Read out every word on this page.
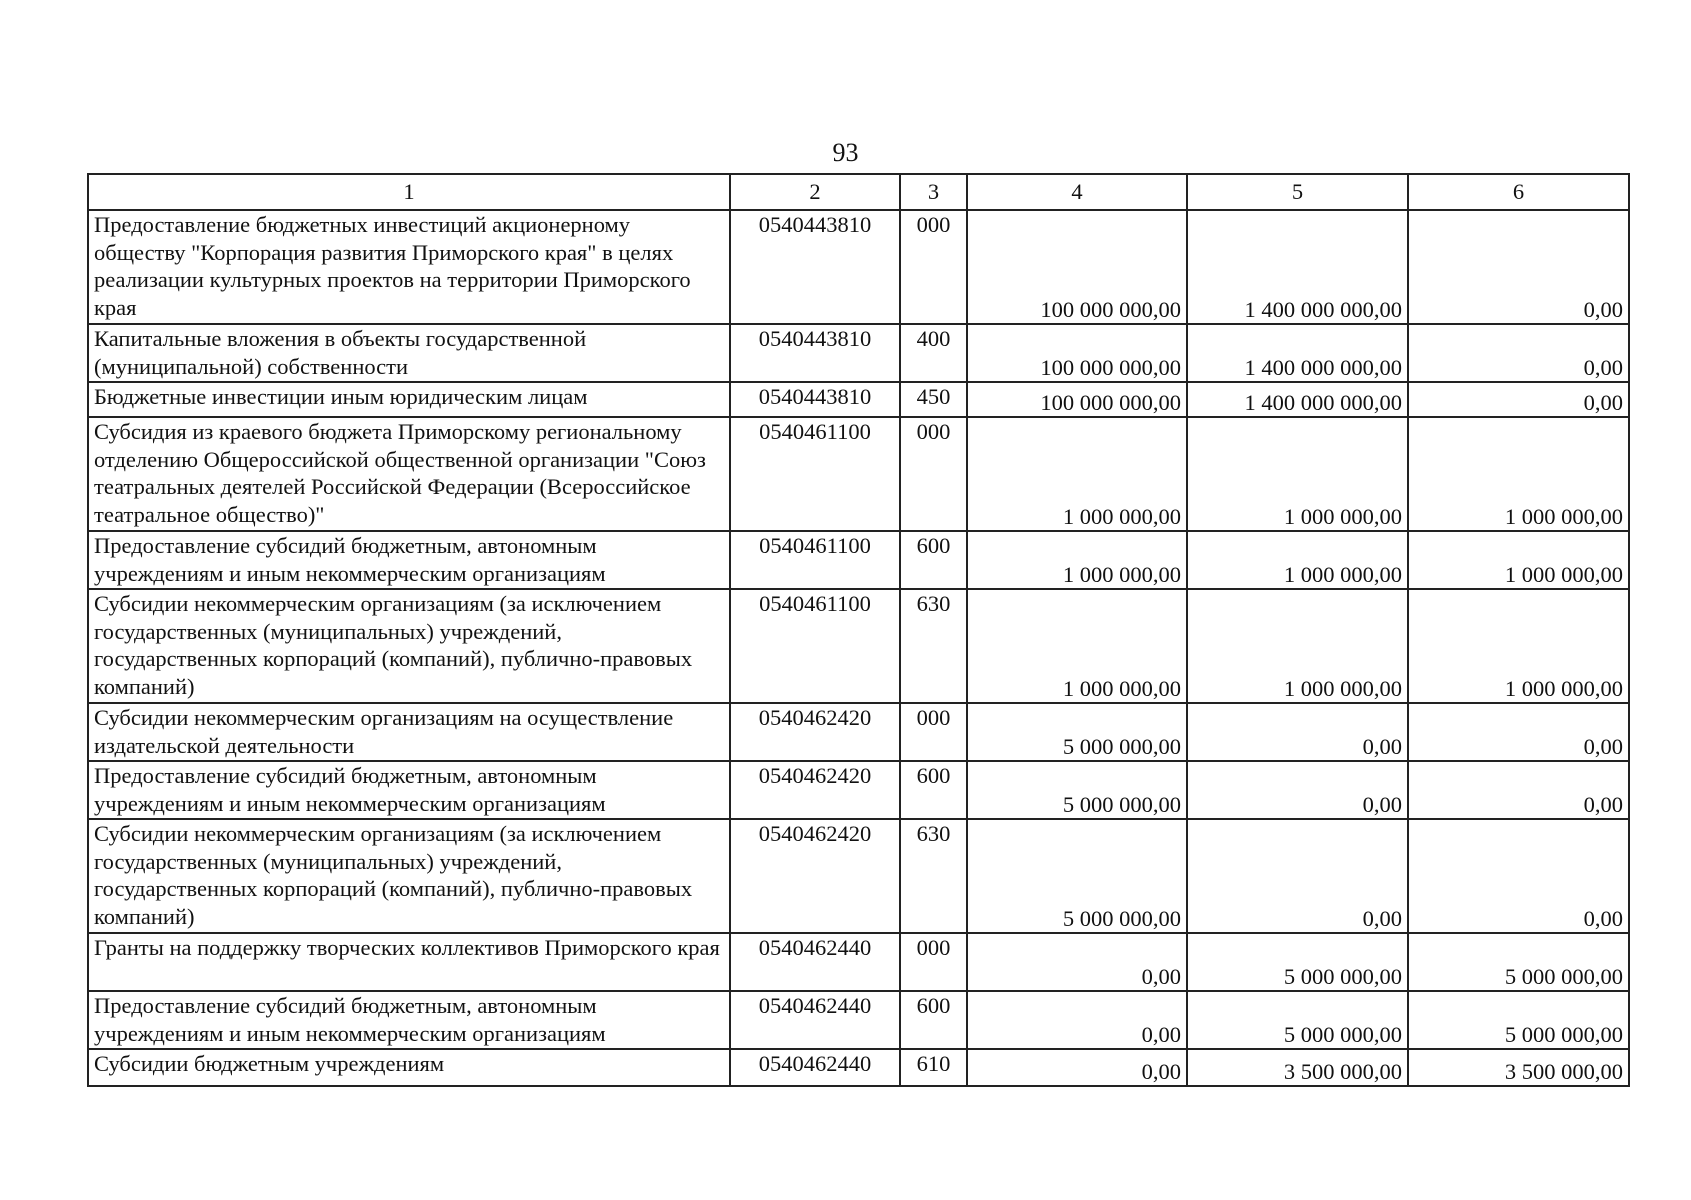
93
1	2	3	4	5	6
Предоставление бюджетных инвестиций акционерному обществу "Корпорация развития Приморского края" в целях реализации культурных проектов на территории Приморского края	0540443810	000	100 000 000,00	1 400 000 000,00	0,00
Капитальные вложения в объекты государственной (муниципальной) собственности	0540443810	400	100 000 000,00	1 400 000 000,00	0,00
Бюджетные инвестиции иным юридическим лицам	0540443810	450	100 000 000,00	1 400 000 000,00	0,00
Субсидия из краевого бюджета Приморскому региональному отделению Общероссийской общественной организации "Союз театральных деятелей Российской Федерации (Всероссийское театральное общество)"	0540461100	000	1 000 000,00	1 000 000,00	1 000 000,00
Предоставление субсидий бюджетным, автономным учреждениям и иным некоммерческим организациям	0540461100	600	1 000 000,00	1 000 000,00	1 000 000,00
Субсидии некоммерческим организациям (за исключением государственных (муниципальных) учреждений, государственных корпораций (компаний), публично-правовых компаний)	0540461100	630	1 000 000,00	1 000 000,00	1 000 000,00
Субсидии некоммерческим организациям на осуществление издательской деятельности	0540462420	000	5 000 000,00	0,00	0,00
Предоставление субсидий бюджетным, автономным учреждениям и иным некоммерческим организациям	0540462420	600	5 000 000,00	0,00	0,00
Субсидии некоммерческим организациям (за исключением государственных (муниципальных) учреждений, государственных корпораций (компаний), публично-правовых компаний)	0540462420	630	5 000 000,00	0,00	0,00
Гранты на поддержку творческих коллективов Приморского края	0540462440	000	0,00	5 000 000,00	5 000 000,00
Предоставление субсидий бюджетным, автономным учреждениям и иным некоммерческим организациям	0540462440	600	0,00	5 000 000,00	5 000 000,00
Субсидии бюджетным учреждениям	0540462440	610	0,00	3 500 000,00	3 500 000,00
